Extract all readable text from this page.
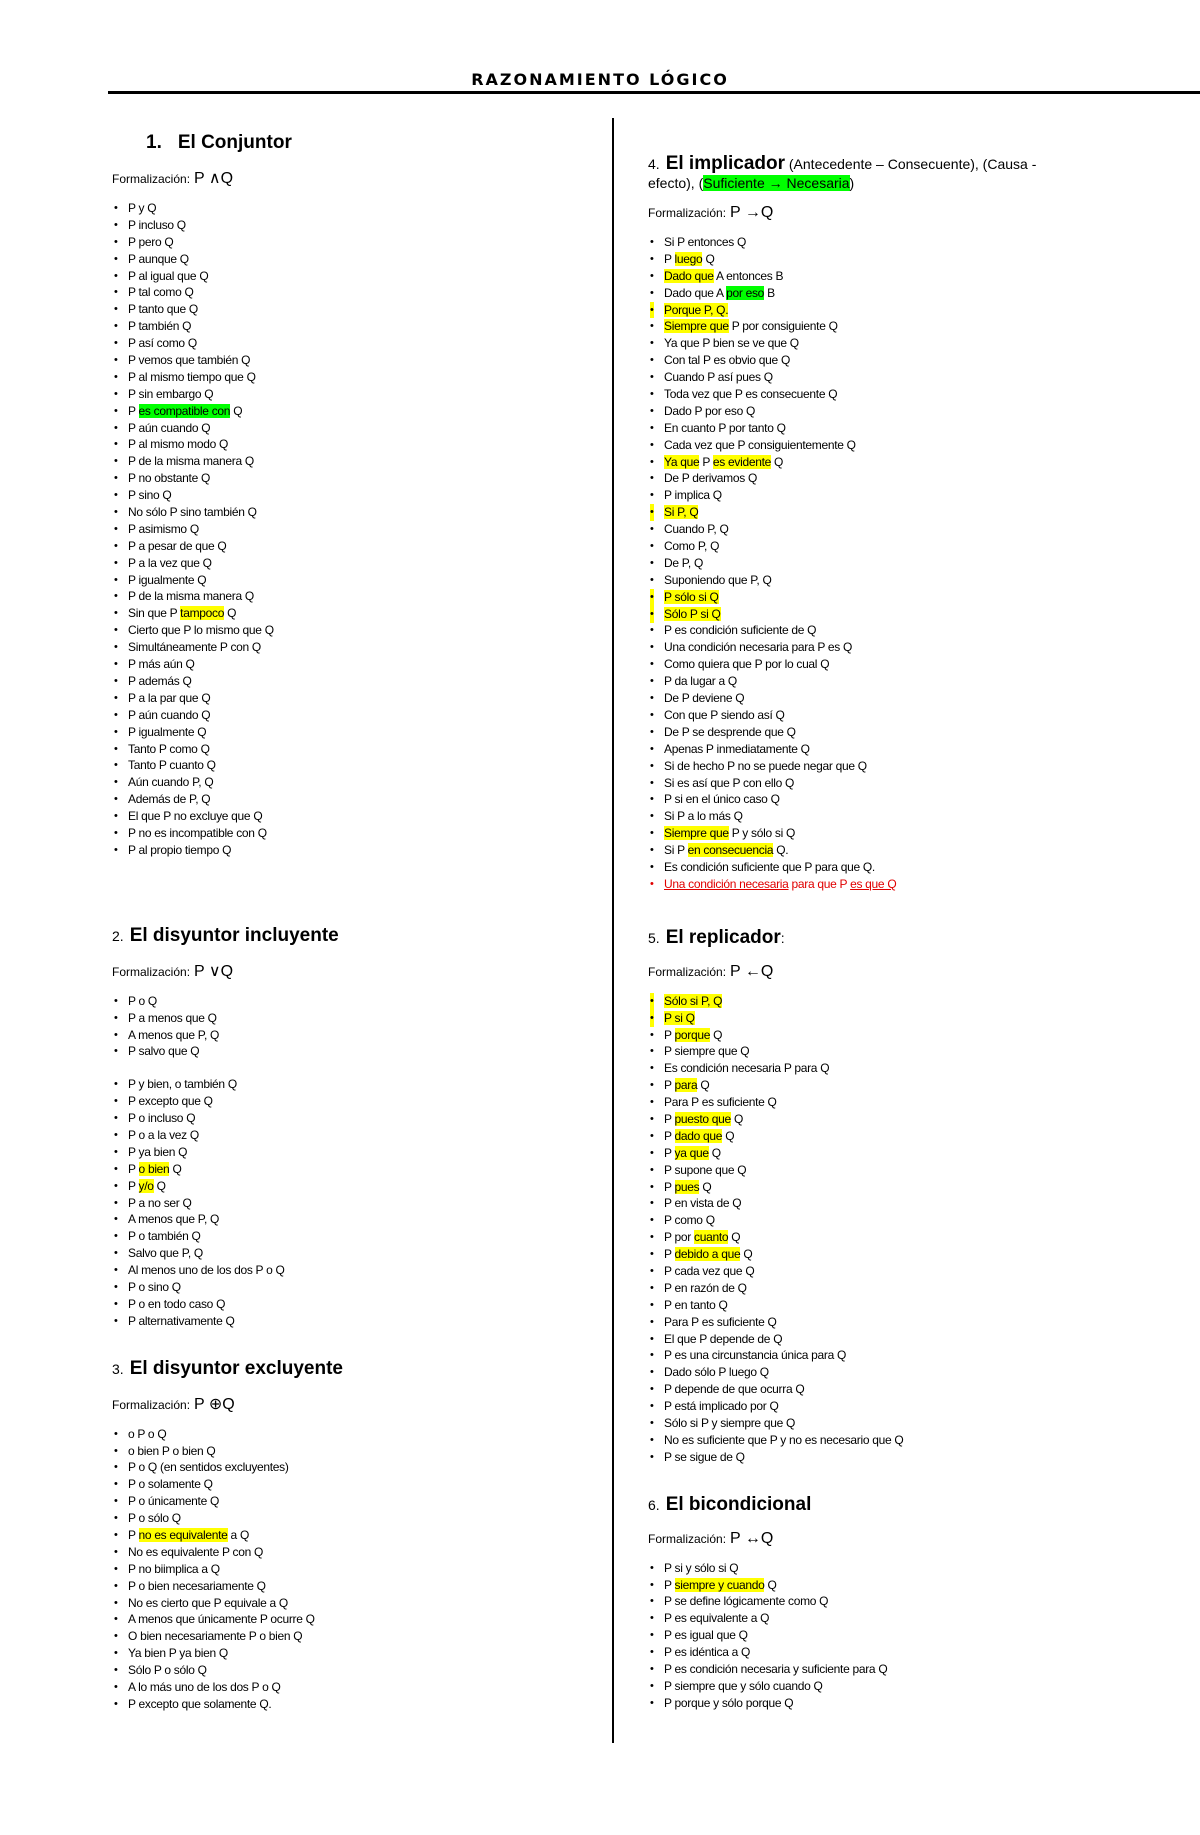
RAZONAMIENTO LÓGICO
1. El Conjuntor

Formalización: P ∧Q

• P y Q
• P incluso Q
• P pero Q
• P aunque Q
• P al igual que Q
• P tal como Q
• P tanto que Q
• P también Q
• P así como Q
• P vemos que también Q
• P al mismo tiempo que Q
• P sin embargo Q
• P es compatible con Q
• P aún cuando Q
• P al mismo modo Q
• P de la misma manera Q
• P no obstante Q
• P sino Q
• No sólo P sino también Q
• P asimismo Q
• P a pesar de que Q
• P a la vez que Q
• P igualmente Q
• P de la misma manera Q
• Sin que P tampoco Q
• Cierto que P lo mismo que Q
• Simultáneamente P con Q
• P más aún Q
• P además Q
• P a la par que Q
• P aún cuando Q
• P igualmente Q
• Tanto P como Q
• Tanto P cuanto Q
• Aún cuando P, Q
• Además de P, Q
• El que P no excluye que Q
• P no es incompatible con Q
• P al propio tiempo Q
2. El disyuntor incluyente

Formalización: P ∨Q

• P o Q
• P a menos que Q
• A menos que P, Q
• P salvo que Q
• P y bien, o también Q
• P excepto que Q
• P o incluso Q
• P o a la vez Q
• P ya bien Q
• P o bien Q
• P y/o Q
• P a no ser Q
• A menos que P, Q
• P o también Q
• Salvo que P, Q
• Al menos uno de los dos P o Q
• P o sino Q
• P o en todo caso Q
• P alternativamente Q
3. El disyuntor excluyente

Formalización: P ⊕Q

• o P o Q
• o bien P o bien Q
• P o Q (en sentidos excluyentes)
• P o solamente Q
• P o únicamente Q
• P o sólo Q
• P no es equivalente a Q
• No es equivalente P con Q
• P no biimplica a Q
• P o bien necesariamente Q
• No es cierto que P equivale a Q
• A menos que únicamente P ocurre Q
• O bien necesariamente P o bien Q
• Ya bien P ya bien Q
• Sólo P o sólo Q
• A lo más uno de los dos P o Q
• P excepto que solamente Q.
4. El implicador (Antecedente – Consecuente), (Causa -

efecto), (Suficiente → Necesaria)

Formalización: P →Q

• Si P entonces Q
• P luego Q
• Dado que A entonces B
• Dado que A por eso B
• Porque P, Q.
• Siempre que P por consiguiente Q
• Ya que P bien se ve que Q
• Con tal P es obvio que Q
• Cuando P así pues Q
• Toda vez que P es consecuente Q
• Dado P por eso Q
• En cuanto P por tanto Q
• Cada vez que P consiguientemente Q
• Ya que P es evidente Q
• De P derivamos Q
• P implica Q
• Si P, Q
• Cuando P, Q
• Como P, Q
• De P, Q
• Suponiendo que P, Q
• P sólo si Q
• Sólo P si Q
• P es condición suficiente de Q
• Una condición necesaria para P es Q
• Como quiera que P por lo cual Q
• P da lugar a Q
• De P deviene Q
• Con que P siendo así Q
• De P se desprende que Q
• Apenas P inmediatamente Q
• Si de hecho P no se puede negar que Q
• Si es así que P con ello Q
• P si en el único caso Q
• Si P a lo más Q
• Siempre que P y sólo si Q
• Si P en consecuencia Q.
• Es condición suficiente que P para que Q.
• Una condición necesaria para que P es que Q
5. El replicador:

Formalización: P ←Q

• Sólo si P, Q
• P si Q
• P porque Q
• P siempre que Q
• Es condición necesaria P para Q
• P para Q
• Para P es suficiente Q
• P puesto que Q
• P dado que Q
• P ya que Q
• P supone que Q
• P pues Q
• P en vista de Q
• P como Q
• P por cuanto Q
• P debido a que Q
• P cada vez que Q
• P en razón de Q
• P en tanto Q
• Para P es suficiente Q
• El que P depende de Q
• P es una circunstancia única para Q
• Dado sólo P luego Q
• P depende de que ocurra Q
• P está implicado por Q
• Sólo si P y siempre que Q
• No es suficiente que P y no es necesario que Q
• P se sigue de Q
6. El bicondicional

Formalización: P ↔Q

• P si y sólo si Q
• P siempre y cuando Q
• P se define lógicamente como Q
• P es equivalente a Q
• P es igual que Q
• P es idéntica a Q
• P es condición necesaria y suficiente para Q
• P siempre que y sólo cuando Q
• P porque y sólo porque Q
